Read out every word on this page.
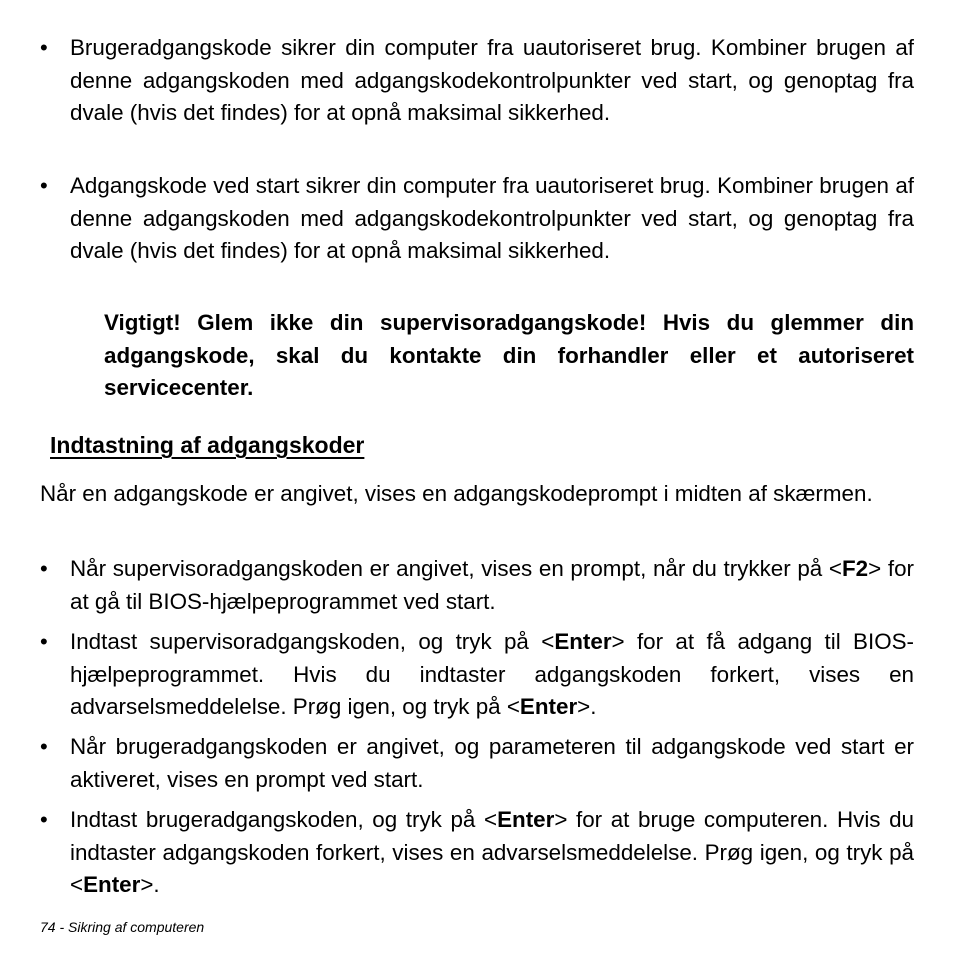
• Brugeradgangskode sikrer din computer fra uautoriseret brug. Kombiner brugen af denne adgangskoden med adgangskodekontrolpunkter ved start, og genoptag fra dvale (hvis det findes) for at opnå maksimal sikkerhed.

• Adgangskode ved start sikrer din computer fra uautoriseret brug. Kombiner brugen af denne adgangskoden med adgangskodekontrolpunkter ved start, og genoptag fra dvale (hvis det findes) for at opnå maksimal sikkerhed.

Vigtigt! Glem ikke din supervisoradgangskode! Hvis du glemmer din adgangskode, skal du kontakte din forhandler eller et autoriseret servicecenter.

Indtastning af adgangskoder

Når en adgangskode er angivet, vises en adgangskodeprompt i midten af skærmen.

• Når supervisoradgangskoden er angivet, vises en prompt, når du trykker på <F2> for at gå til BIOS-hjælpeprogrammet ved start.

• Indtast supervisoradgangskoden, og tryk på <Enter> for at få adgang til BIOS-hjælpeprogrammet. Hvis du indtaster adgangskoden forkert, vises en advarselsmeddelelse. Prøg igen, og tryk på <Enter>.

• Når brugeradgangskoden er angivet, og parameteren til adgangskode ved start er aktiveret, vises en prompt ved start.

• Indtast brugeradgangskoden, og tryk på <Enter> for at bruge computeren. Hvis du indtaster adgangskoden forkert, vises en advarselsmeddelelse. Prøg igen, og tryk på <Enter>.

74 - Sikring af computeren
